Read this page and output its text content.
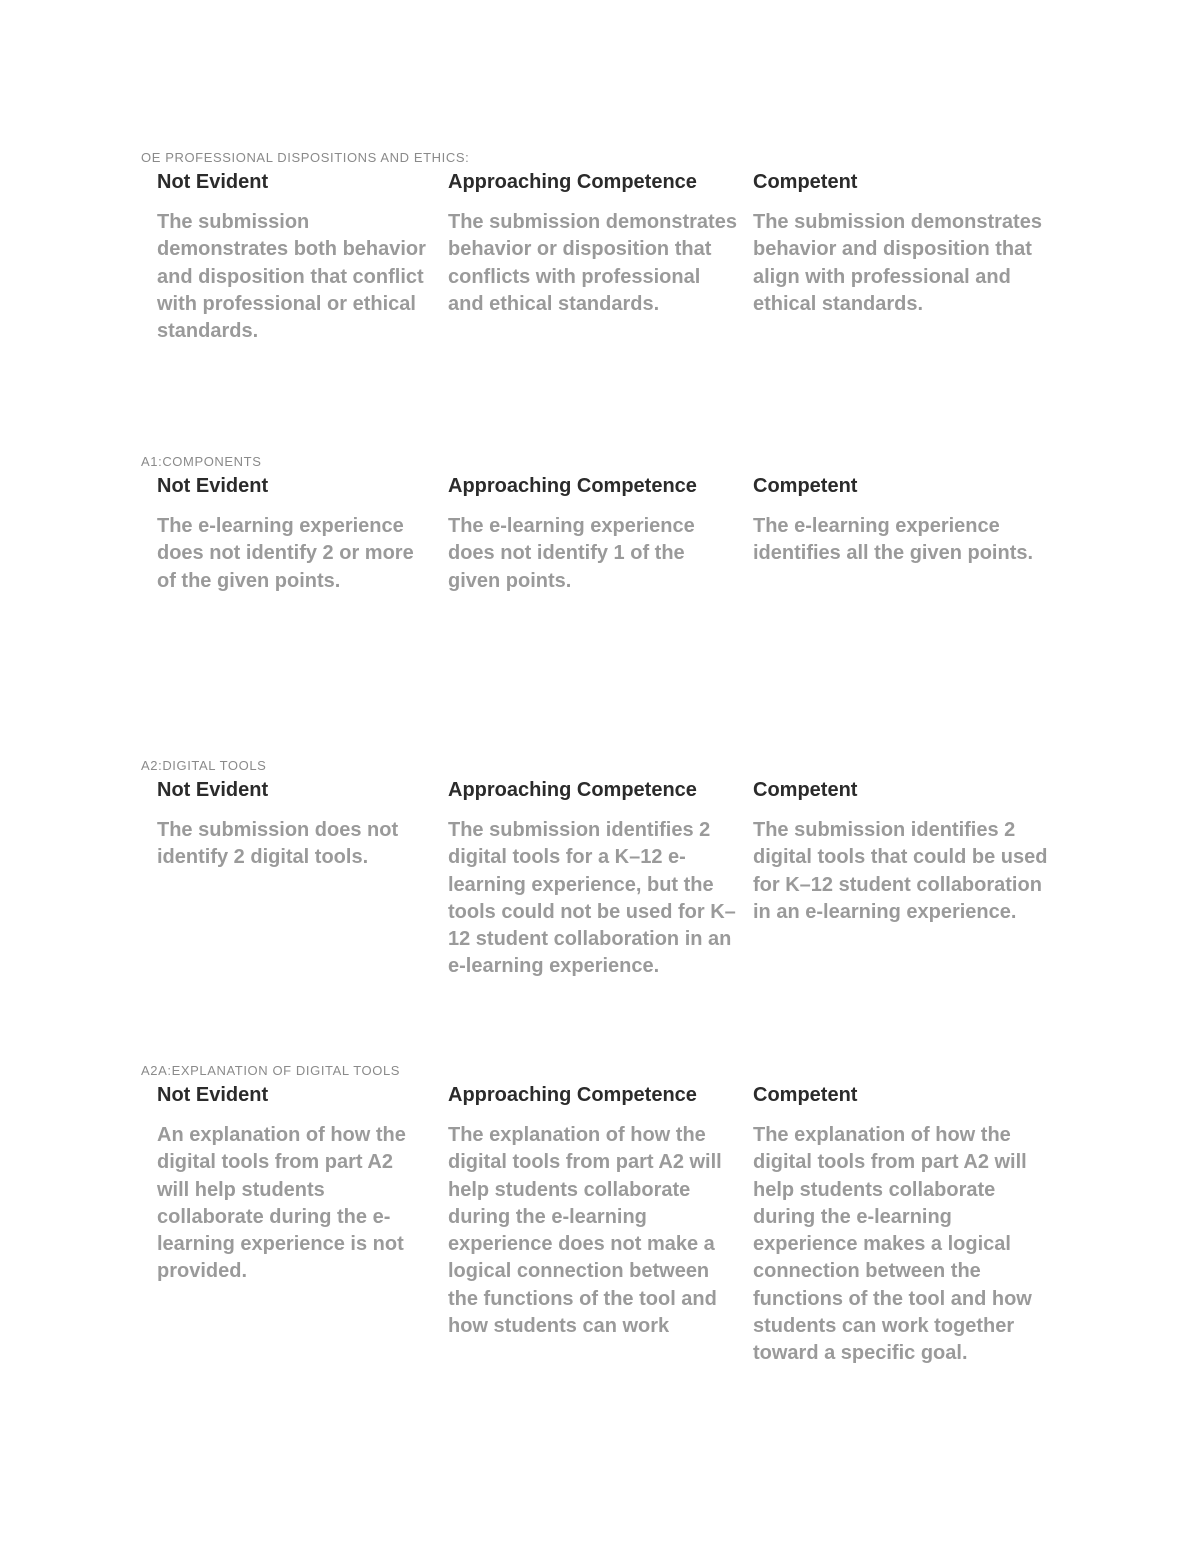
OE PROFESSIONAL DISPOSITIONS AND ETHICS:
Not Evident
The submission demonstrates both behavior and disposition that conflict with professional or ethical standards.
Approaching Competence
The submission demonstrates behavior or disposition that conflicts with professional and ethical standards.
Competent
The submission demonstrates behavior and disposition that align with professional and ethical standards.
A1:COMPONENTS
Not Evident
The e-learning experience does not identify 2 or more of the given points.
Approaching Competence
The e-learning experience does not identify 1 of the given points.
Competent
The e-learning experience identifies all the given points.
A2:DIGITAL TOOLS
Not Evident
The submission does not identify 2 digital tools.
Approaching Competence
The submission identifies 2 digital tools for a K–12 e-learning experience, but the tools could not be used for K–12 student collaboration in an e-learning experience.
Competent
The submission identifies 2 digital tools that could be used for K–12 student collaboration in an e-learning experience.
A2A:EXPLANATION OF DIGITAL TOOLS
Not Evident
An explanation of how the digital tools from part A2 will help students collaborate during the e-learning experience is not provided.
Approaching Competence
The explanation of how the digital tools from part A2 will help students collaborate during the e-learning experience does not make a logical connection between the functions of the tool and how students can work
Competent
The explanation of how the digital tools from part A2 will help students collaborate during the e-learning experience makes a logical connection between the functions of the tool and how students can work together toward a specific goal.
